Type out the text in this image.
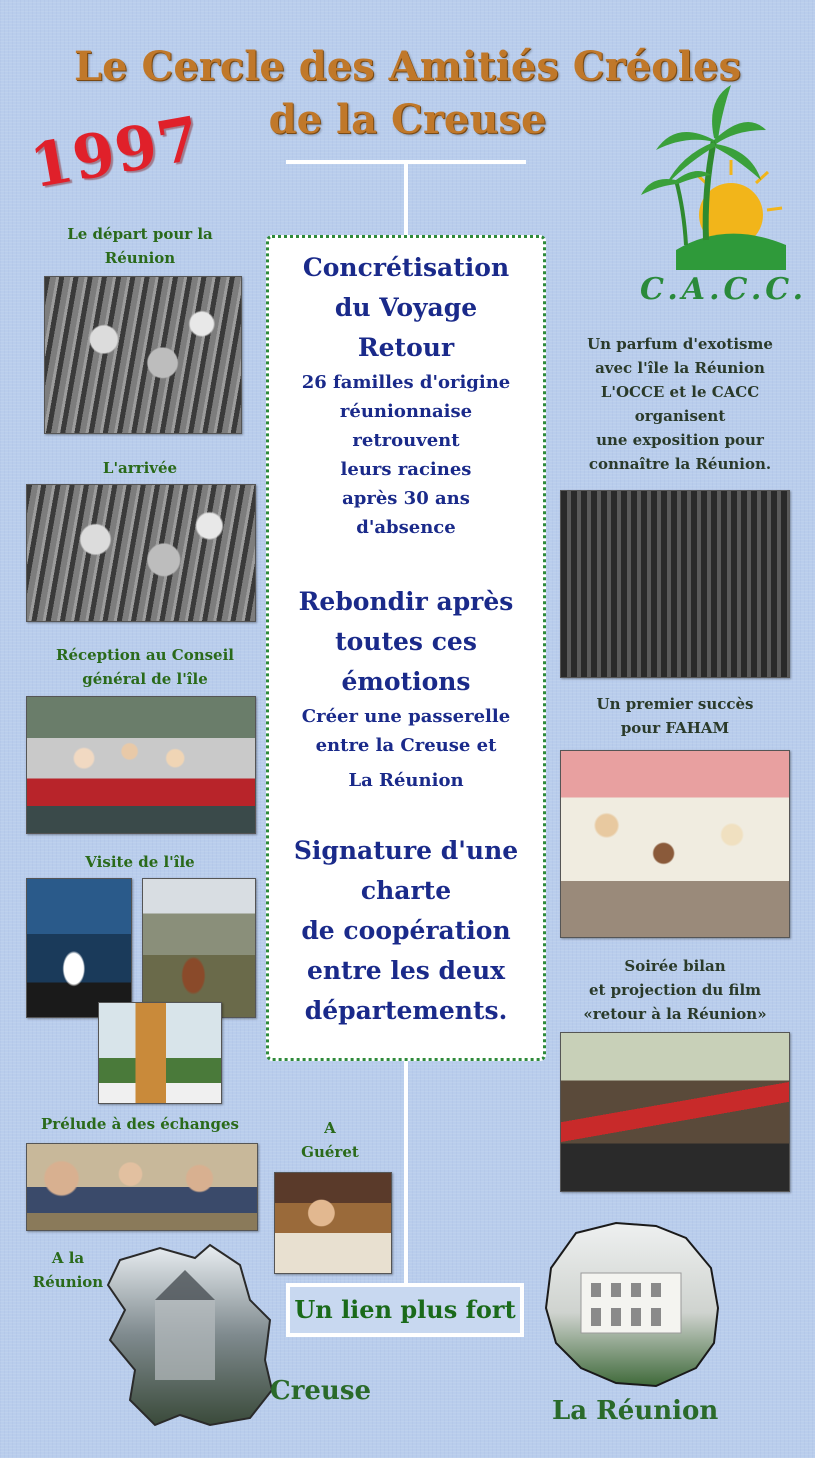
Le Cercle des Amitiés Créoles
de la Creuse
1997
C.A.C.C.
Le départ pour la Réunion
L'arrivée
Réception au Conseil
général de l'île
Visite de l'île
Prélude à des échanges	A
Guéret
A la
Réunion

Concrétisation

du Voyage

Retour

26 familles d'origine

réunionnaise

retrouvent

leurs racines

après 30 ans

d'absence

Rebondir après

toutes ces

émotions

Créer une passerelle

entre la Creuse et

La Réunion

Signature d'une

charte

de coopération

entre les deux

départements.

Un parfum d'exotisme
avec l'île la Réunion
L'OCCE et le CACC
organisent
une exposition pour
connaître la Réunion.
Un premier succès
pour FAHAM
Soirée bilan
et projection du film
«retour à la Réunion»
Un lien plus fort
Creuse
La Réunion
